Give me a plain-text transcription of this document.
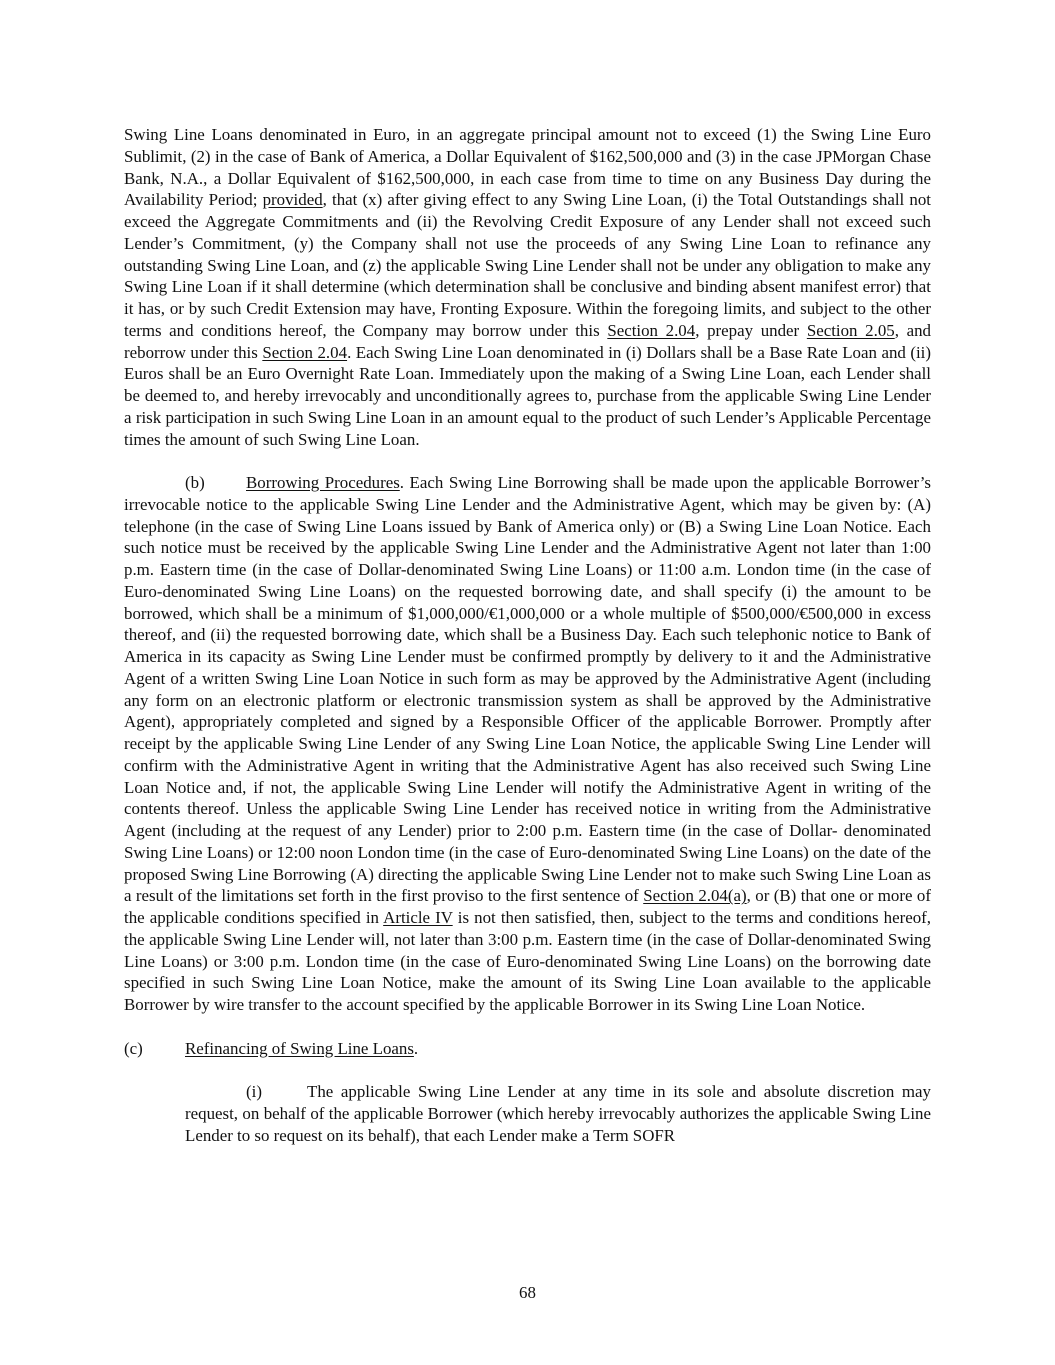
Swing Line Loans denominated in Euro, in an aggregate principal amount not to exceed (1) the Swing Line Euro Sublimit, (2) in the case of Bank of America, a Dollar Equivalent of $162,500,000 and (3) in the case JPMorgan Chase Bank, N.A., a Dollar Equivalent of $162,500,000, in each case from time to time on any Business Day during the Availability Period; provided, that (x) after giving effect to any Swing Line Loan, (i) the Total Outstandings shall not exceed the Aggregate Commitments and (ii) the Revolving Credit Exposure of any Lender shall not exceed such Lender’s Commitment, (y) the Company shall not use the proceeds of any Swing Line Loan to refinance any outstanding Swing Line Loan, and (z) the applicable Swing Line Lender shall not be under any obligation to make any Swing Line Loan if it shall determine (which determination shall be conclusive and binding absent manifest error) that it has, or by such Credit Extension may have, Fronting Exposure. Within the foregoing limits, and subject to the other terms and conditions hereof, the Company may borrow under this Section 2.04, prepay under Section 2.05, and reborrow under this Section 2.04. Each Swing Line Loan denominated in (i) Dollars shall be a Base Rate Loan and (ii) Euros shall be an Euro Overnight Rate Loan. Immediately upon the making of a Swing Line Loan, each Lender shall be deemed to, and hereby irrevocably and unconditionally agrees to, purchase from the applicable Swing Line Lender a risk participation in such Swing Line Loan in an amount equal to the product of such Lender’s Applicable Percentage times the amount of such Swing Line Loan.

(b) Borrowing Procedures. Each Swing Line Borrowing shall be made upon the applicable Borrower’s irrevocable notice to the applicable Swing Line Lender and the Administrative Agent, which may be given by: (A) telephone (in the case of Swing Line Loans issued by Bank of America only) or (B) a Swing Line Loan Notice. Each such notice must be received by the applicable Swing Line Lender and the Administrative Agent not later than 1:00 p.m. Eastern time (in the case of Dollar-denominated Swing Line Loans) or 11:00 a.m. London time (in the case of Euro-denominated Swing Line Loans) on the requested borrowing date, and shall specify (i) the amount to be borrowed, which shall be a minimum of $1,000,000/€1,000,000 or a whole multiple of $500,000/€500,000 in excess thereof, and (ii) the requested borrowing date, which shall be a Business Day. Each such telephonic notice to Bank of America in its capacity as Swing Line Lender must be confirmed promptly by delivery to it and the Administrative Agent of a written Swing Line Loan Notice in such form as may be approved by the Administrative Agent (including any form on an electronic platform or electronic transmission system as shall be approved by the Administrative Agent), appropriately completed and signed by a Responsible Officer of the applicable Borrower. Promptly after receipt by the applicable Swing Line Lender of any Swing Line Loan Notice, the applicable Swing Line Lender will confirm with the Administrative Agent in writing that the Administrative Agent has also received such Swing Line Loan Notice and, if not, the applicable Swing Line Lender will notify the Administrative Agent in writing of the contents thereof. Unless the applicable Swing Line Lender has received notice in writing from the Administrative Agent (including at the request of any Lender) prior to 2:00 p.m. Eastern time (in the case of Dollar- denominated Swing Line Loans) or 12:00 noon London time (in the case of Euro-denominated Swing Line Loans) on the date of the proposed Swing Line Borrowing (A) directing the applicable Swing Line Lender not to make such Swing Line Loan as a result of the limitations set forth in the first proviso to the first sentence of Section 2.04(a), or (B) that one or more of the applicable conditions specified in Article IV is not then satisfied, then, subject to the terms and conditions hereof, the applicable Swing Line Lender will, not later than 3:00 p.m. Eastern time (in the case of Dollar-denominated Swing Line Loans) or 3:00 p.m. London time (in the case of Euro-denominated Swing Line Loans) on the borrowing date specified in such Swing Line Loan Notice, make the amount of its Swing Line Loan available to the applicable Borrower by wire transfer to the account specified by the applicable Borrower in its Swing Line Loan Notice.

(c)	Refinancing of Swing Line Loans.

(i)	The applicable Swing Line Lender at any time in its sole and absolute discretion may request, on behalf of the applicable Borrower (which hereby irrevocably authorizes the applicable Swing Line Lender to so request on its behalf), that each Lender make a Term SOFR

68
